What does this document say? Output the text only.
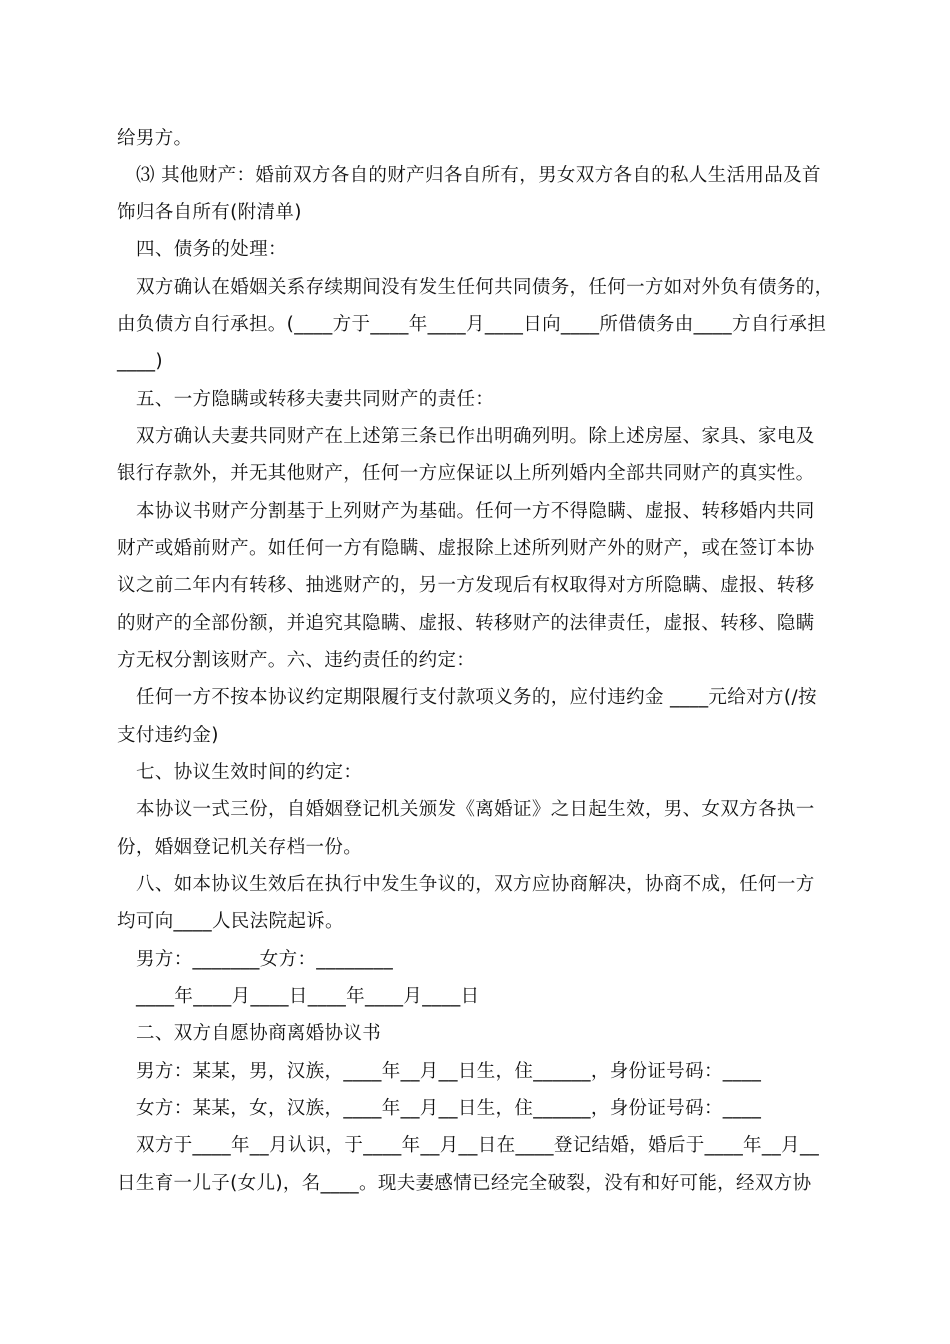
给男方。
⑶ 其他财产：婚前双方各自的财产归各自所有，男女双方各自的私人生活用品及首
饰归各自所有(附清单)
四、债务的处理：
双方确认在婚姻关系存续期间没有发生任何共同债务，任何一方如对外负有债务的，
由负债方自行承担。(____方于____年____月____日向____所借债务由____方自行承担
____)
五、一方隐瞒或转移夫妻共同财产的责任：
双方确认夫妻共同财产在上述第三条已作出明确列明。除上述房屋、家具、家电及
银行存款外，并无其他财产，任何一方应保证以上所列婚内全部共同财产的真实性。
本协议书财产分割基于上列财产为基础。任何一方不得隐瞒、虚报、转移婚内共同
财产或婚前财产。如任何一方有隐瞒、虚报除上述所列财产外的财产，或在签订本协
议之前二年内有转移、抽逃财产的，另一方发现后有权取得对方所隐瞒、虚报、转移
的财产的全部份额，并追究其隐瞒、虚报、转移财产的法律责任，虚报、转移、隐瞒
方无权分割该财产。六、违约责任的约定：
任何一方不按本协议约定期限履行支付款项义务的，应付违约金 ____元给对方(/按
支付违约金)
七、协议生效时间的约定：
本协议一式三份，自婚姻登记机关颁发《离婚证》之日起生效，男、女双方各执一
份，婚姻登记机关存档一份。
八、如本协议生效后在执行中发生争议的，双方应协商解决，协商不成，任何一方
均可向____人民法院起诉。
男方：_______女方：________
____年____月____日____年____月____日
二、双方自愿协商离婚协议书
男方：某某，男，汉族，____年__月__日生，住______，身份证号码：____
女方：某某，女，汉族，____年__月__日生，住______，身份证号码：____
双方于____年__月认识，于____年__月__日在____登记结婚，婚后于____年__月__
日生育一儿子(女儿)，名____。现夫妻感情已经完全破裂，没有和好可能，经双方协
